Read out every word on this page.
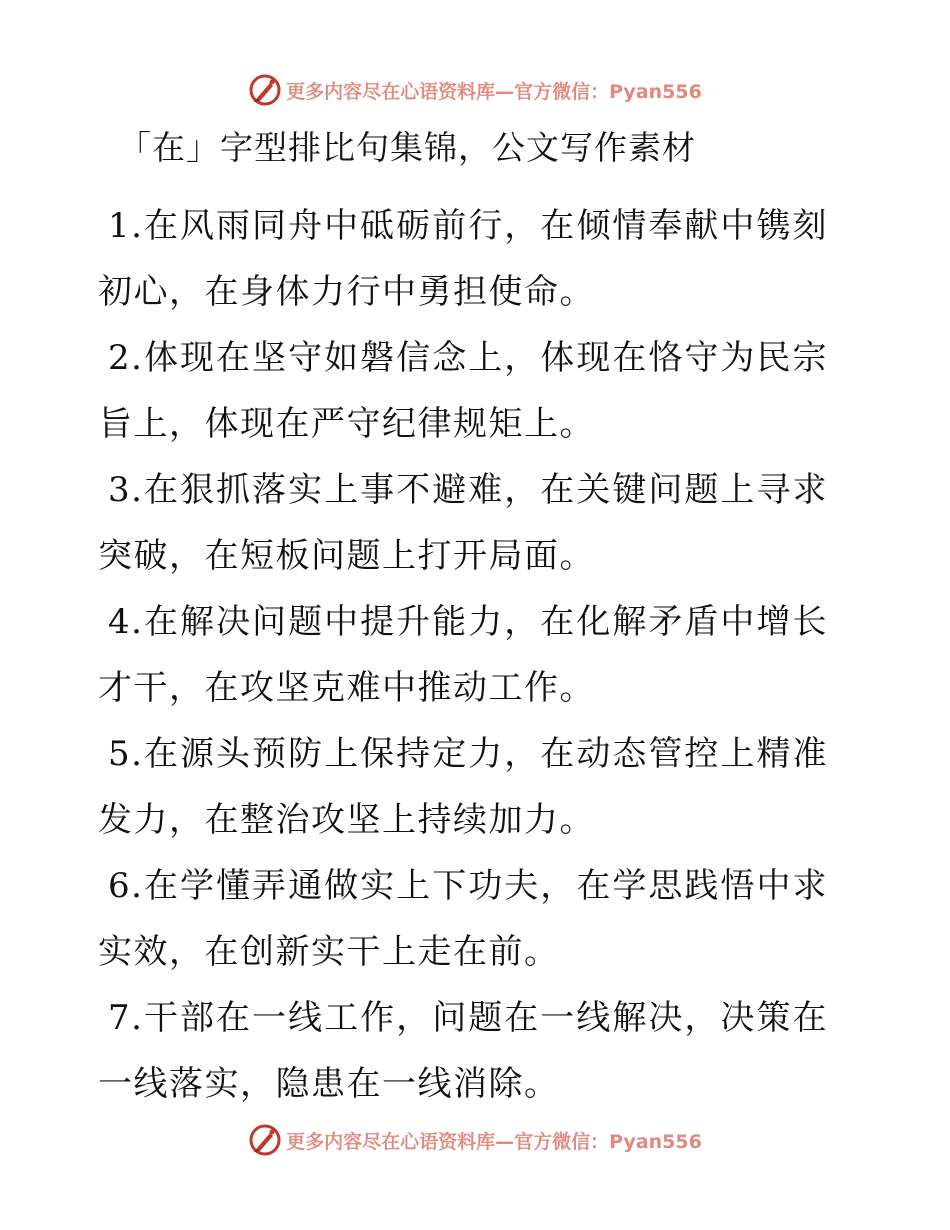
更多内容尽在心语资料库—官方微信：Pyan556
「在」字型排比句集锦，公文写作素材

1.在风雨同舟中砥砺前行，在倾情奉献中镌刻初心，在身体力行中勇担使命。

2.体现在坚守如磐信念上，体现在恪守为民宗旨上，体现在严守纪律规矩上。

3.在狠抓落实上事不避难，在关键问题上寻求突破，在短板问题上打开局面。

4.在解决问题中提升能力，在化解矛盾中增长才干，在攻坚克难中推动工作。

5.在源头预防上保持定力，在动态管控上精准发力，在整治攻坚上持续加力。

6.在学懂弄通做实上下功夫，在学思践悟中求实效，在创新实干上走在前。

7.干部在一线工作，问题在一线解决，决策在一线落实，隐患在一线消除。

更多内容尽在心语资料库—官方微信：Pyan556
